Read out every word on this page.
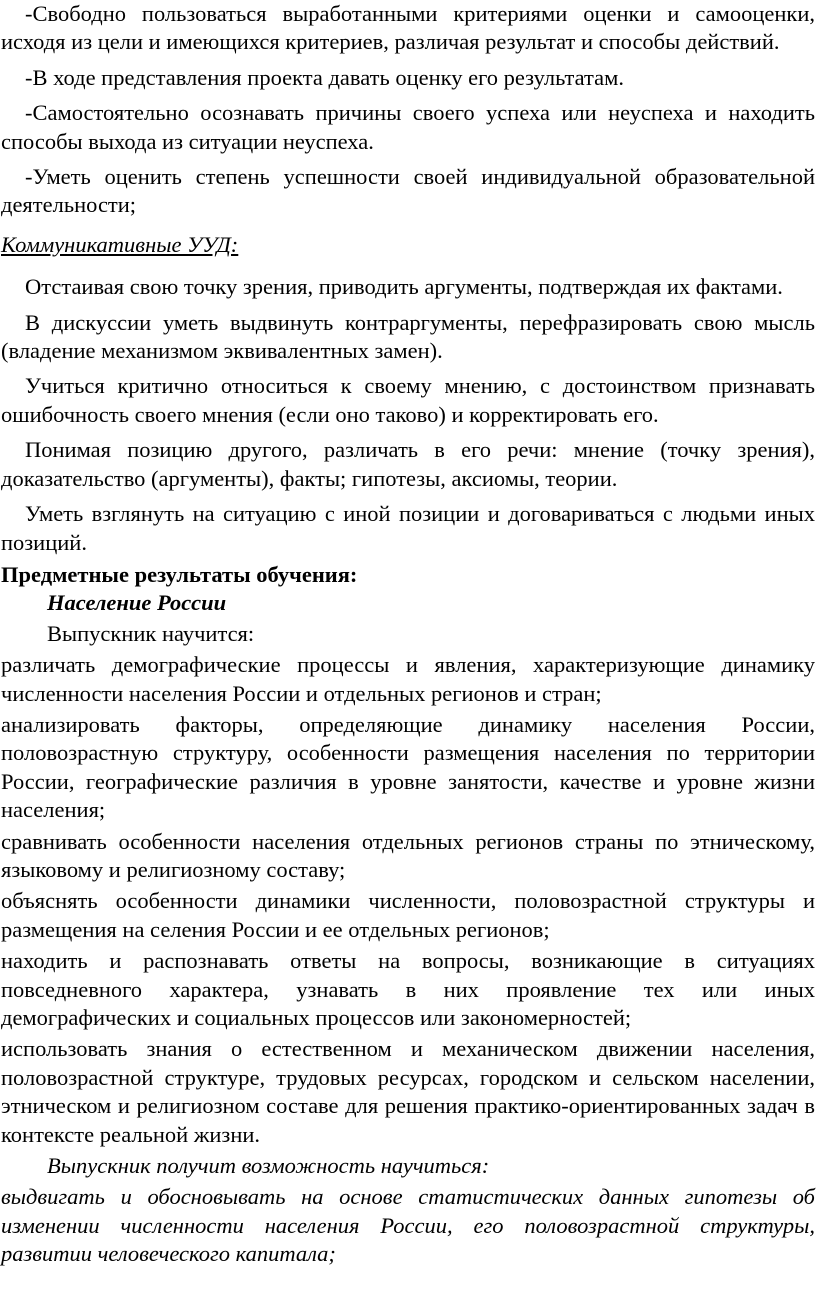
-Свободно пользоваться выработанными критериями оценки и самооценки, исходя из цели и имеющихся критериев, различая результат и способы действий.

-В ходе представления проекта давать оценку его результатам.

-Самостоятельно осознавать причины своего успеха или неуспеха и находить способы выхода из ситуации неуспеха.

-Уметь оценить степень успешности своей индивидуальной образовательной деятельности;

Коммуникативные УУД:

Отстаивая свою точку зрения, приводить аргументы, подтверждая их фактами.

В дискуссии уметь выдвинуть контраргументы, перефразировать свою мысль (владение механизмом эквивалентных замен).

Учиться критично относиться к своему мнению, с достоинством признавать ошибочность своего мнения (если оно таково) и корректировать его.

Понимая позицию другого, различать в его речи: мнение (точку зрения), доказательство (аргументы), факты; гипотезы, аксиомы, теории.

Уметь взглянуть на ситуацию с иной позиции и договариваться с людьми иных позиций.

Предметные результаты обучения:

Население России

Выпускник научится:

различать демографические процессы и явления, характеризующие динамику численности населения России и отдельных регионов и стран;

анализировать факторы, определяющие динамику населения России, половозрастную структуру, особенности размещения населения по территории России, географические различия в уровне занятости, качестве и уровне жизни населения;

сравнивать особенности населения отдельных регионов страны по этническому, языковому и религиозному составу;

объяснять особенности динамики численности, половозрастной структуры и размещения на селения России и ее отдельных регионов;

находить и распознавать ответы на вопросы, возникающие в ситуациях повседневного характера, узнавать в них проявление тех или иных демографических и социальных процессов или закономерностей;

использовать знания о естественном и механическом движении населения, половозрастной структуре, трудовых ресурсах, городском и сельском населении, этническом и религиозном составе для решения практико-ориентированных задач в контексте реальной жизни.

Выпускник получит возможность научиться:

выдвигать и обосновывать на основе статистических данных гипотезы об изменении численности населения России, его половозрастной структуры, развитии человеческого капитала;
